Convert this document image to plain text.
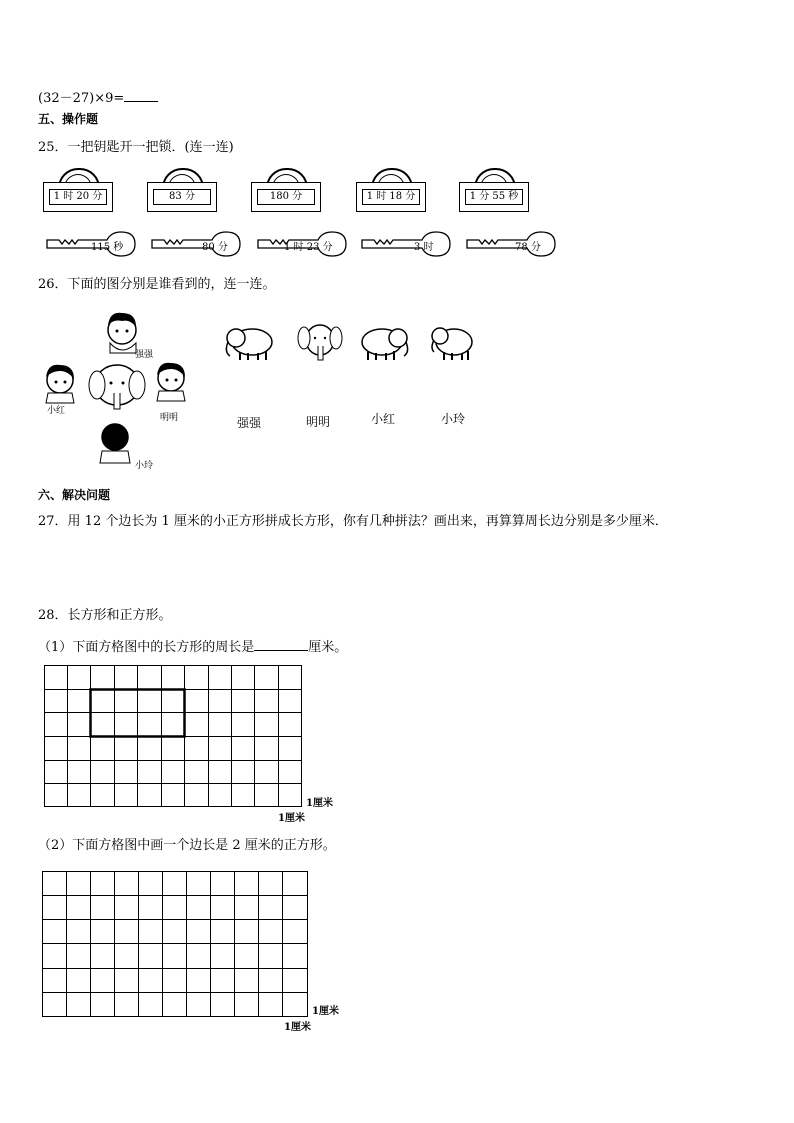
(32－27)×9=
五、操作题
25．一把钥匙开一把锁．(连一连)
1 时 20 分	83 分	180 分	1 时 18 分	1 分 55 秒
115 秒	80 分	1 时 23 分	3 时	78 分
26．下面的图分别是谁看到的，连一连。
强强
小红
明明
小玲
强强	明明	小红	小玲
六、解决问题
27．用 12 个边长为 1 厘米的小正方形拼成长方形，你有几种拼法？画出来，再算算周长边分别是多少厘米．
28．长方形和正方形。
（1）下面方格图中的长方形的周长是	厘米。
1厘米
1厘米
（2）下面方格图中画一个边长是 2 厘米的正方形。
1厘米
1厘米
